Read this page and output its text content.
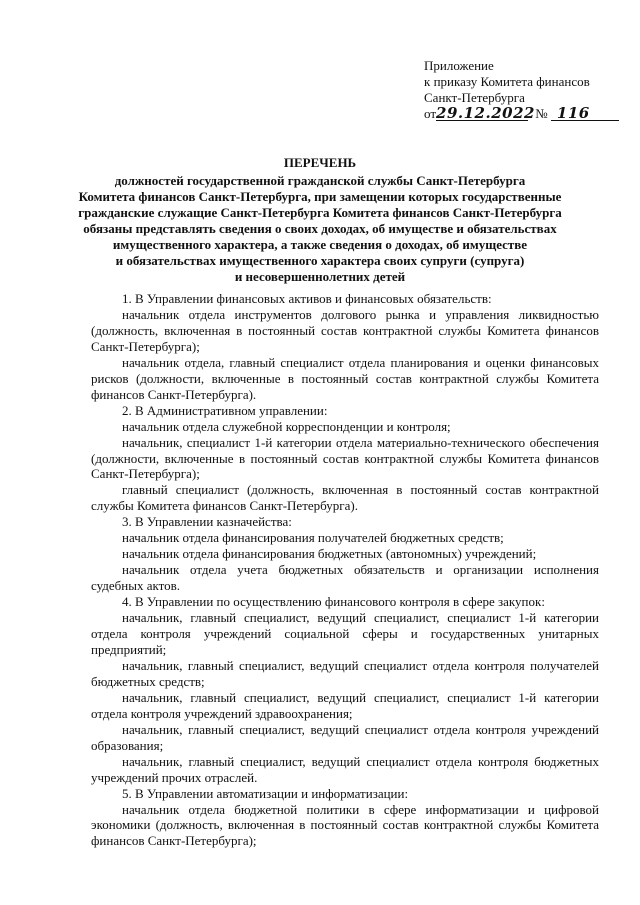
Приложение
к приказу Комитета финансов
Санкт-Петербурга
от29.12.2022 № 116
ПЕРЕЧЕНЬ
должностей государственной гражданской службы Санкт-Петербурга
Комитета финансов Санкт-Петербурга, при замещении которых государственные
гражданские служащие Санкт-Петербурга Комитета финансов Санкт-Петербурга
обязаны представлять сведения о своих доходах, об имуществе и обязательствах
имущественного характера, а также сведения о доходах, об имуществе
и обязательствах имущественного характера своих супруги (супруга)
и несовершеннолетних детей

1. В Управлении финансовых активов и финансовых обязательств:

начальник отдела инструментов долгового рынка и управления ликвидностью (должность, включенная в постоянный состав контрактной службы Комитета финансов Санкт-Петербурга);

начальник отдела, главный специалист отдела планирования и оценки финансовых рисков (должности, включенные в постоянный состав контрактной службы Комитета финансов Санкт-Петербурга).

2. В Административном управлении:

начальник отдела служебной корреспонденции и контроля;

начальник, специалист 1-й категории отдела материально-технического обеспечения (должности, включенные в постоянный состав контрактной службы Комитета финансов Санкт-Петербурга);

главный специалист (должность, включенная в постоянный состав контрактной службы Комитета финансов Санкт-Петербурга).

3. В Управлении казначейства:

начальник отдела финансирования получателей бюджетных средств;

начальник отдела финансирования бюджетных (автономных) учреждений;

начальник отдела учета бюджетных обязательств и организации исполнения судебных актов.

4. В Управлении по осуществлению финансового контроля в сфере закупок:

начальник, главный специалист, ведущий специалист, специалист 1-й категории отдела контроля учреждений социальной сферы и государственных унитарных предприятий;

начальник, главный специалист, ведущий специалист отдела контроля получателей бюджетных средств;

начальник, главный специалист, ведущий специалист, специалист 1-й категории отдела контроля учреждений здравоохранения;

начальник, главный специалист, ведущий специалист отдела контроля учреждений образования;

начальник, главный специалист, ведущий специалист отдела контроля бюджетных учреждений прочих отраслей.

5. В Управлении автоматизации и информатизации:

начальник отдела бюджетной политики в сфере информатизации и цифровой экономики (должность, включенная в постоянный состав контрактной службы Комитета финансов Санкт-Петербурга);
